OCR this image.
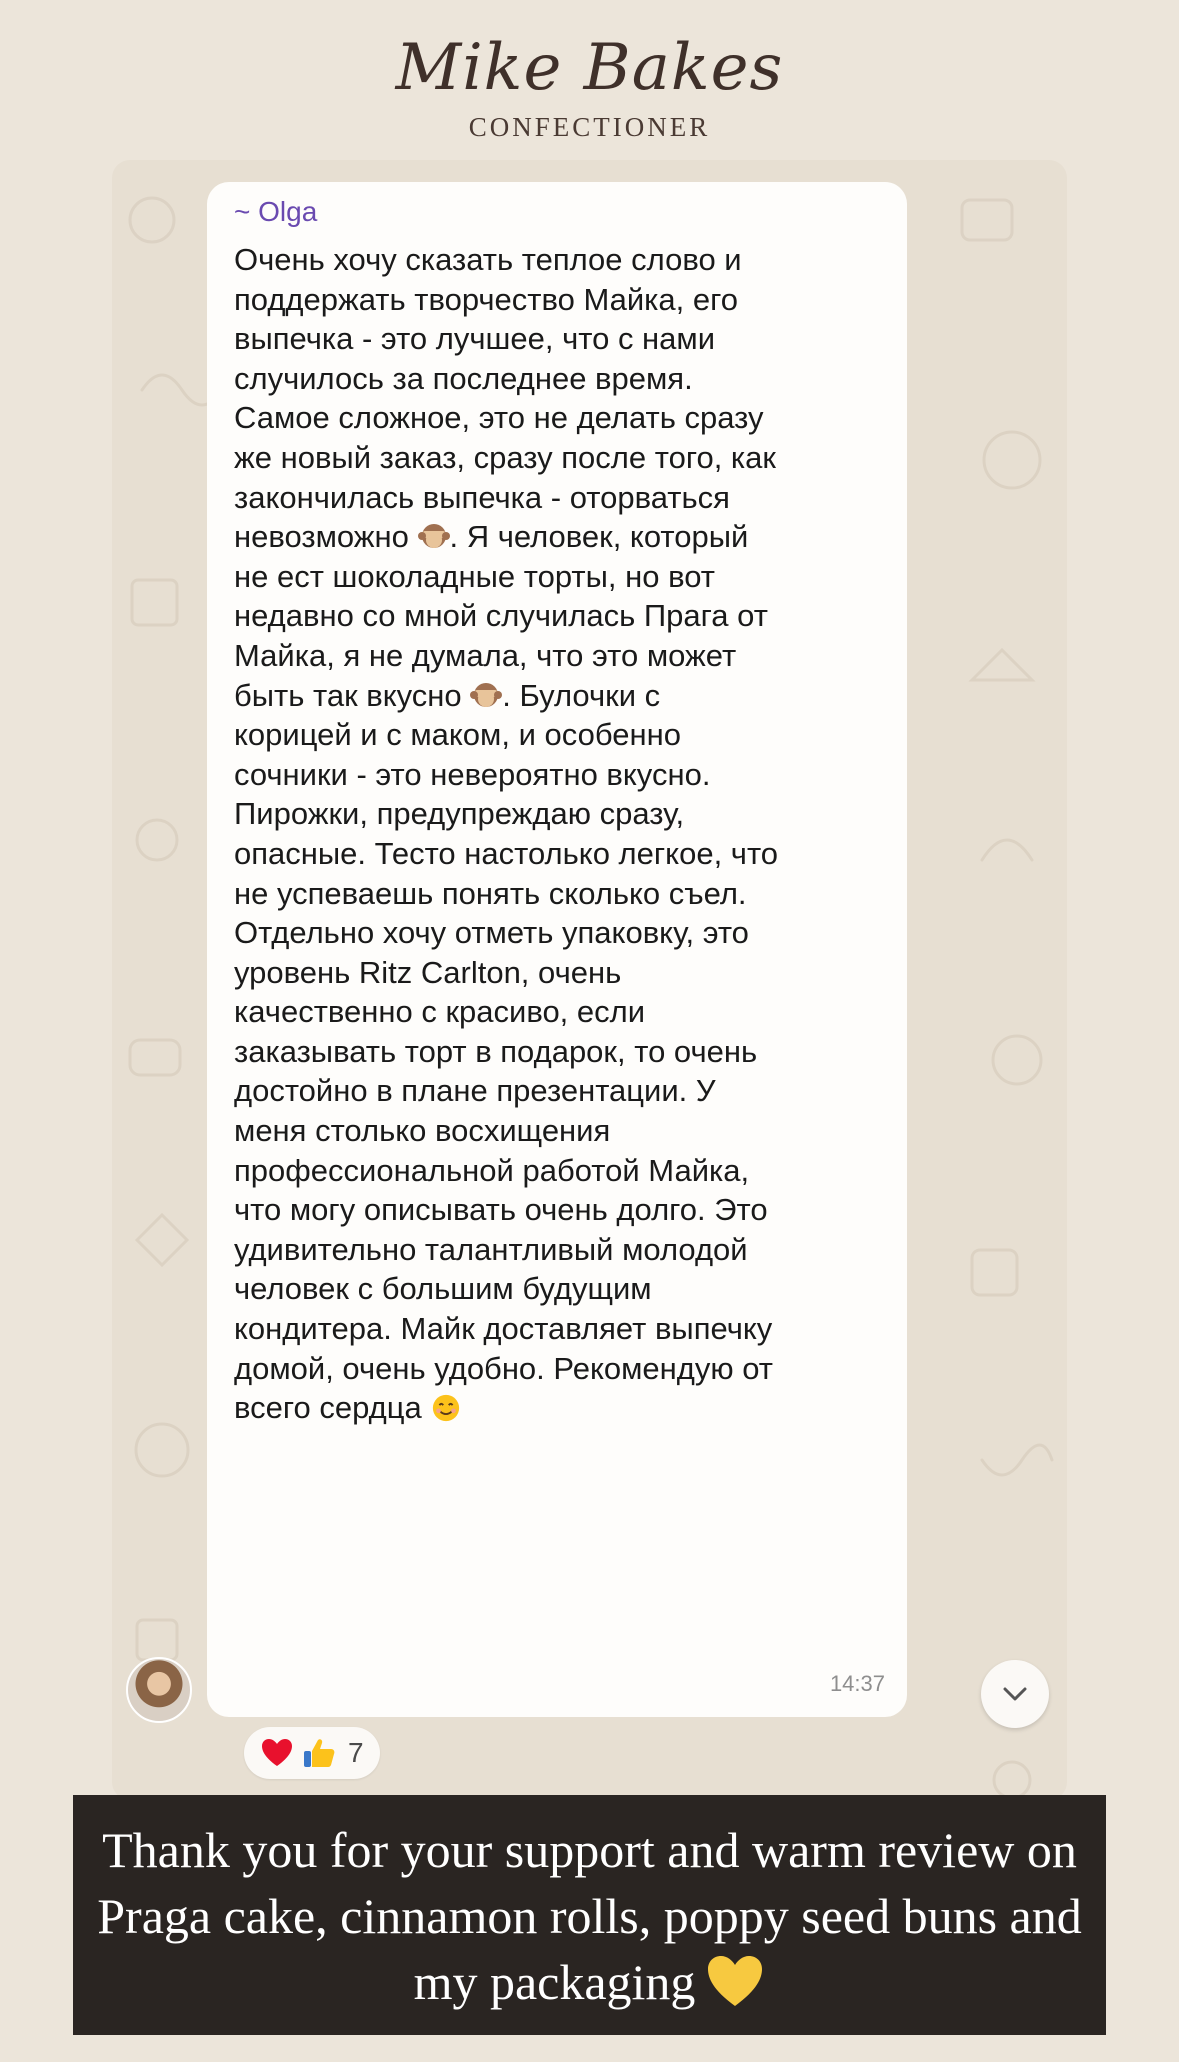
Mike Bakes
CONFECTIONER
~ Olga
Очень хочу сказать теплое слово и
поддержать творчество Майка, его
выпечка - это лучшее, что с нами
случилось за последнее время.
Самое сложное, это не делать сразу
же новый заказ, сразу после того, как
закончилась выпечка - оторваться
невозможно . Я человек, который
не ест шоколадные торты, но вот
недавно со мной случилась Прага от
Майка, я не думала, что это может
быть так вкусно . Булочки с
корицей и с маком, и особенно
сочники - это невероятно вкусно.
Пирожки, предупреждаю сразу,
опасные. Тесто настолько легкое, что
не успеваешь понять сколько съел.
Отдельно хочу отметь упаковку, это
уровень Ritz Carlton, очень
качественно с красиво, если
заказывать торт в подарок, то очень
достойно в плане презентации. У
меня столько восхищения
профессиональной работой Майка,
что могу описывать очень долго. Это
удивительно талантливый молодой
человек с большим будущим
кондитера. Майк доставляет выпечку
домой, очень удобно. Рекомендую от
всего сердца
14:37
7
Thank you for your support and warm review on Praga cake, cinnamon rolls, poppy seed buns and my packaging
